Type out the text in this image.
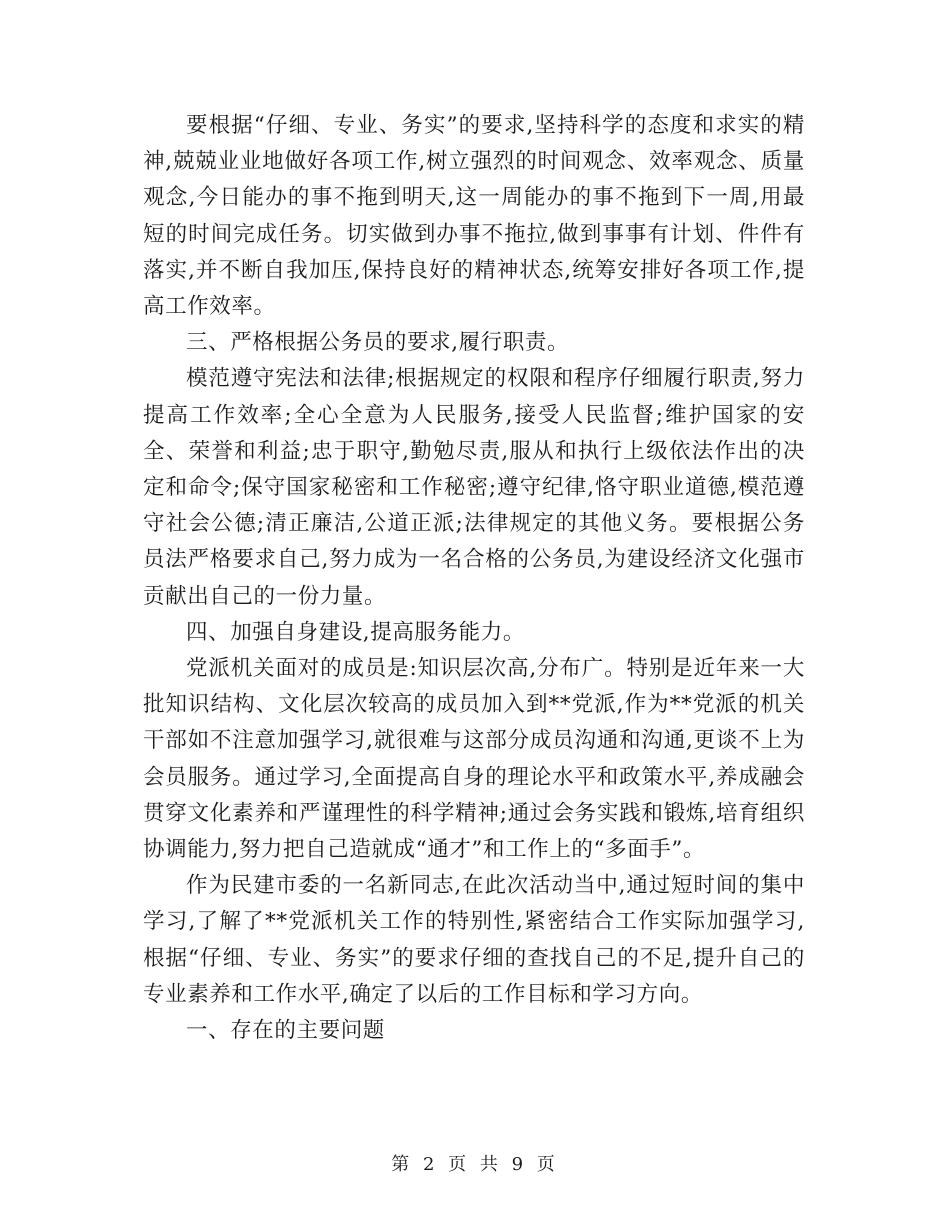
要根据“仔细、专业、务实”的要求,坚持科学的态度和求实的精神,兢兢业业地做好各项工作,树立强烈的时间观念、效率观念、质量观念,今日能办的事不拖到明天,这一周能办的事不拖到下一周,用最短的时间完成任务。切实做到办事不拖拉,做到事事有计划、件件有落实,并不断自我加压,保持良好的精神状态,统筹安排好各项工作,提高工作效率。

三、严格根据公务员的要求,履行职责。

模范遵守宪法和法律;根据规定的权限和程序仔细履行职责,努力提高工作效率;全心全意为人民服务,接受人民监督;维护国家的安全、荣誉和利益;忠于职守,勤勉尽责,服从和执行上级依法作出的决定和命令;保守国家秘密和工作秘密;遵守纪律,恪守职业道德,模范遵守社会公德;清正廉洁,公道正派;法律规定的其他义务。要根据公务员法严格要求自己,努力成为一名合格的公务员,为建设经济文化强市贡献出自己的一份力量。

四、加强自身建设,提高服务能力。

党派机关面对的成员是:知识层次高,分布广。特别是近年来一大批知识结构、文化层次较高的成员加入到**党派,作为**党派的机关干部如不注意加强学习,就很难与这部分成员沟通和沟通,更谈不上为会员服务。通过学习,全面提高自身的理论水平和政策水平,养成融会贯穿文化素养和严谨理性的科学精神;通过会务实践和锻炼,培育组织协调能力,努力把自己造就成“通才”和工作上的“多面手”。

作为民建市委的一名新同志,在此次活动当中,通过短时间的集中学习,了解了**党派机关工作的特别性,紧密结合工作实际加强学习,根据“仔细、专业、务实”的要求仔细的查找自己的不足,提升自己的专业素养和工作水平,确定了以后的工作目标和学习方向。

一、存在的主要问题

第 2 页 共 9 页
